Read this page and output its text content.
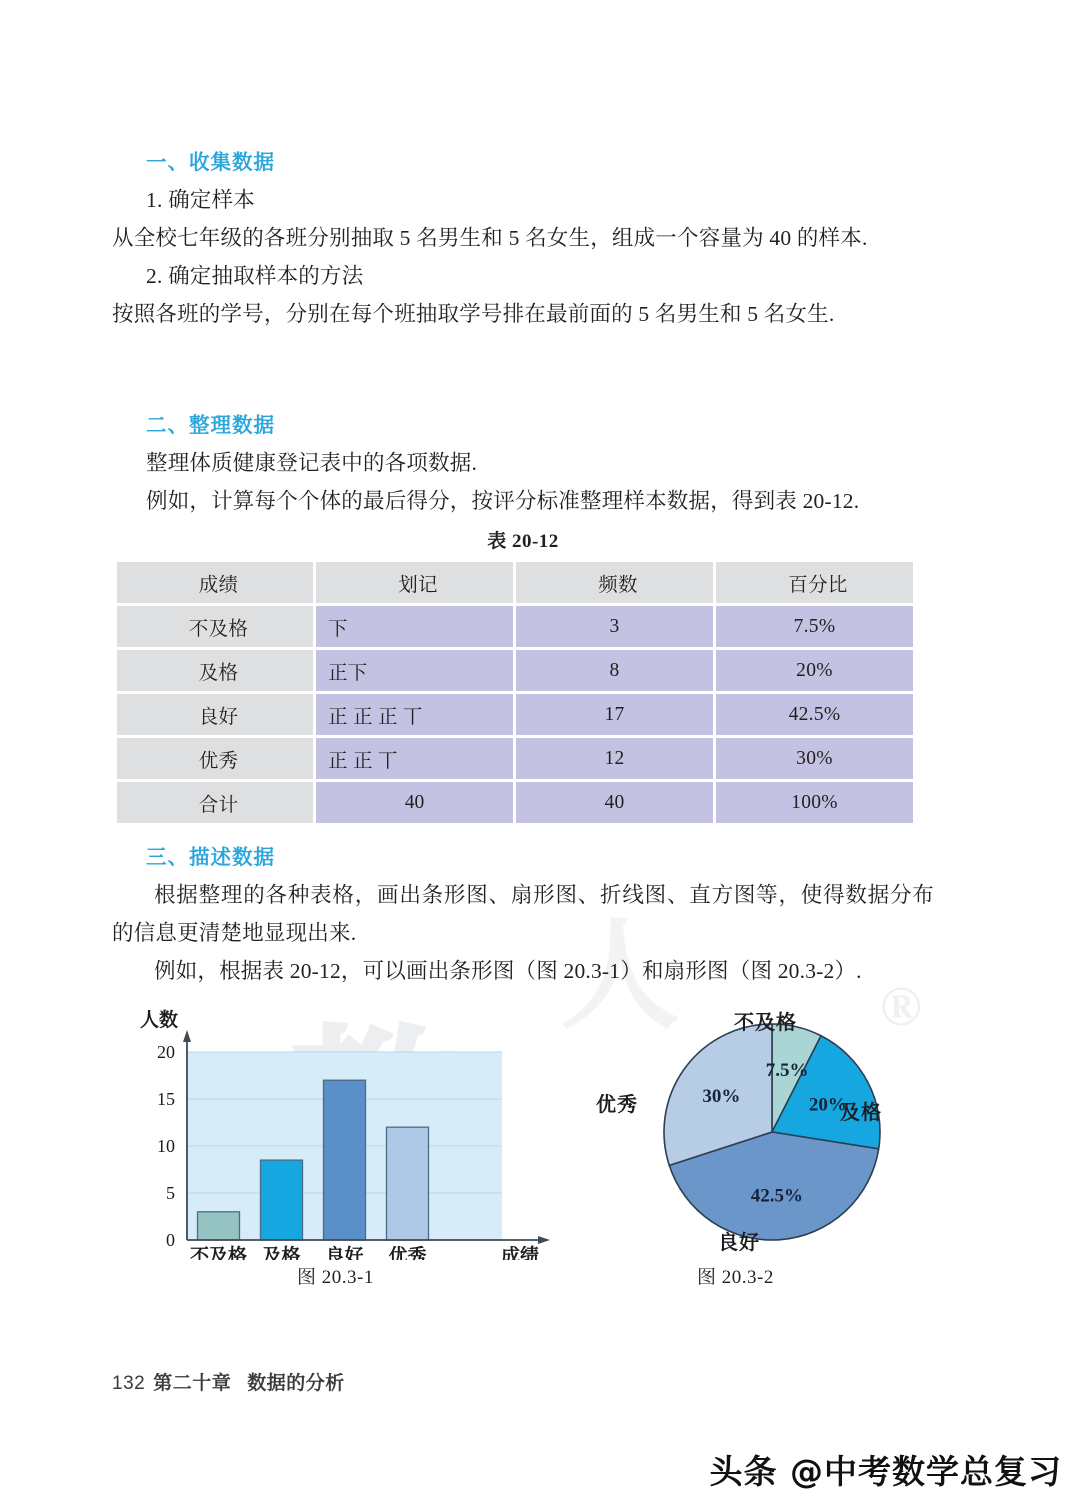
人	®
一、收集数据

1. 确定样本

从全校七年级的各班分别抽取 5 名男生和 5 名女生，组成一个容量为 40 的样本.

2. 确定抽取样本的方法

按照各班的学号，分别在每个班抽取学号排在最前面的 5 名男生和 5 名女生.

二、整理数据

整理体质健康登记表中的各项数据.

例如，计算每个个体的最后得分，按评分标准整理样本数据，得到表 20-12.

表 20-12
成绩	划记	频数	百分比
不及格	下	3	7.5%
及格	正下	8	20%
良好	正 正 正 丅	17	42.5%
优秀	正 正 丅	12	30%
合计	40	40	100%
三、描述数据

根据整理的各种表格，画出条形图、扇形图、折线图、直方图等，使得数据分布的信息更清楚地显现出来.

例如，根据表 20-12，可以画出条形图（图 20.3-1）和扇形图（图 20.3-2）.

0
5
10
15
20
不及格 及格 良好 优秀
人数
成绩
图 20.3-1
7.5%
20%
42.5%
30%
不及格
及格
良好
优秀
图 20.3-2
132 第二十章 数据的分析
头条 @中考数学总复习
